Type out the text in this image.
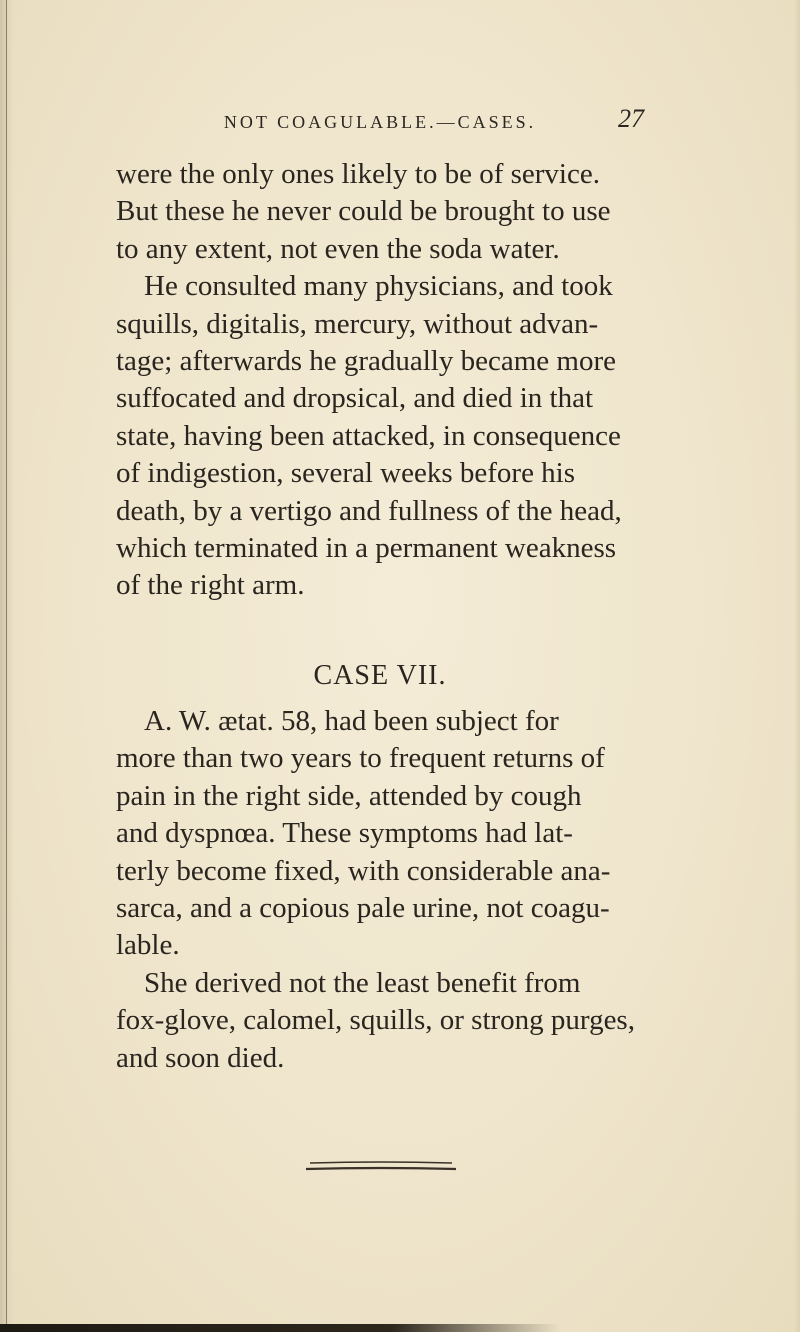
NOT COAGULABLE.—CASES.	27
were the only ones likely to be of service.
But these he never could be brought to use
to any extent, not even the soda water.
He consulted many physicians, and took
squills, digitalis, mercury, without advan-
tage; afterwards he gradually became more
suffocated and dropsical, and died in that
state, having been attacked, in consequence
of indigestion, several weeks before his
death, by a vertigo and fullness of the head,
which terminated in a permanent weakness
of the right arm.
CASE VII.
A. W. ætat. 58, had been subject for
more than two years to frequent returns of
pain in the right side, attended by cough
and dyspnœa. These symptoms had lat-
terly become fixed, with considerable ana-
sarca, and a copious pale urine, not coagu-
lable.
She derived not the least benefit from
fox-glove, calomel, squills, or strong purges,
and soon died.
